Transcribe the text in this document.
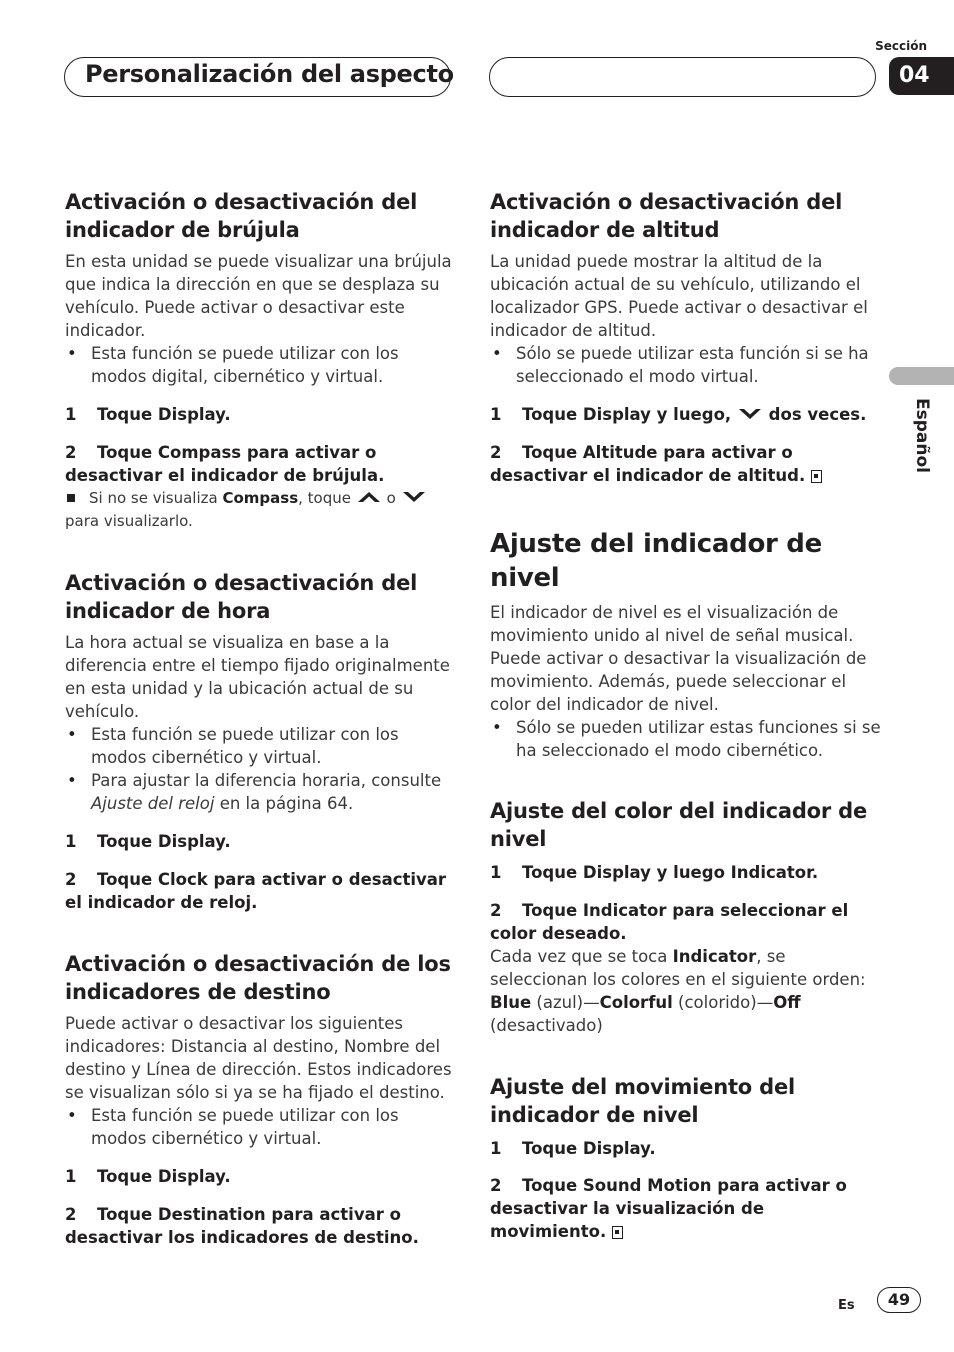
Personalización del aspecto
Sección
04
Español
Activación o desactivación del indicador de brújula

En esta unidad se puede visualizar una brújula que indica la dirección en que se desplaza su vehículo. Puede activar o desactivar este indicador.

• Esta función se puede utilizar con los modos digital, cibernético y virtual.

1 Toque Display.

2 Toque Compass para activar o desactivar el indicador de brújula.

Si no se visualiza Compass, toque o
para visualizarlo.

Activación o desactivación del indicador de hora

La hora actual se visualiza en base a la diferencia entre el tiempo fijado originalmente en esta unidad y la ubicación actual de su vehículo.

• Esta función se puede utilizar con los modos cibernético y virtual.
• Para ajustar la diferencia horaria, consulte Ajuste del reloj en la página 64.

1 Toque Display.

2 Toque Clock para activar o desactivar el indicador de reloj.

Activación o desactivación de los indicadores de destino

Puede activar o desactivar los siguientes indicadores: Distancia al destino, Nombre del destino y Línea de dirección. Estos indicadores se visualizan sólo si ya se ha fijado el destino.

• Esta función se puede utilizar con los modos cibernético y virtual.

1 Toque Display.

2 Toque Destination para activar o desactivar los indicadores de destino.

Activación o desactivación del indicador de altitud

La unidad puede mostrar la altitud de la ubicación actual de su vehículo, utilizando el localizador GPS. Puede activar o desactivar el indicador de altitud.

• Sólo se puede utilizar esta función si se ha seleccionado el modo virtual.

1 Toque Display y luego, dos veces.

2 Toque Altitude para activar o desactivar el indicador de altitud.

Ajuste del indicador de nivel

El indicador de nivel es el visualización de movimiento unido al nivel de señal musical. Puede activar o desactivar la visualización de movimiento. Además, puede seleccionar el color del indicador de nivel.

• Sólo se pueden utilizar estas funciones si se ha seleccionado el modo cibernético.
Ajuste del color del indicador de nivel

1 Toque Display y luego Indicator.

2 Toque Indicator para seleccionar el color deseado.

Cada vez que se toca Indicator, se seleccionan los colores en el siguiente orden:
Blue (azul)—Colorful (colorido)—Off (desactivado)

Ajuste del movimiento del indicador de nivel

1 Toque Display.

2 Toque Sound Motion para activar o desactivar la visualización de movimiento.

Es	49
